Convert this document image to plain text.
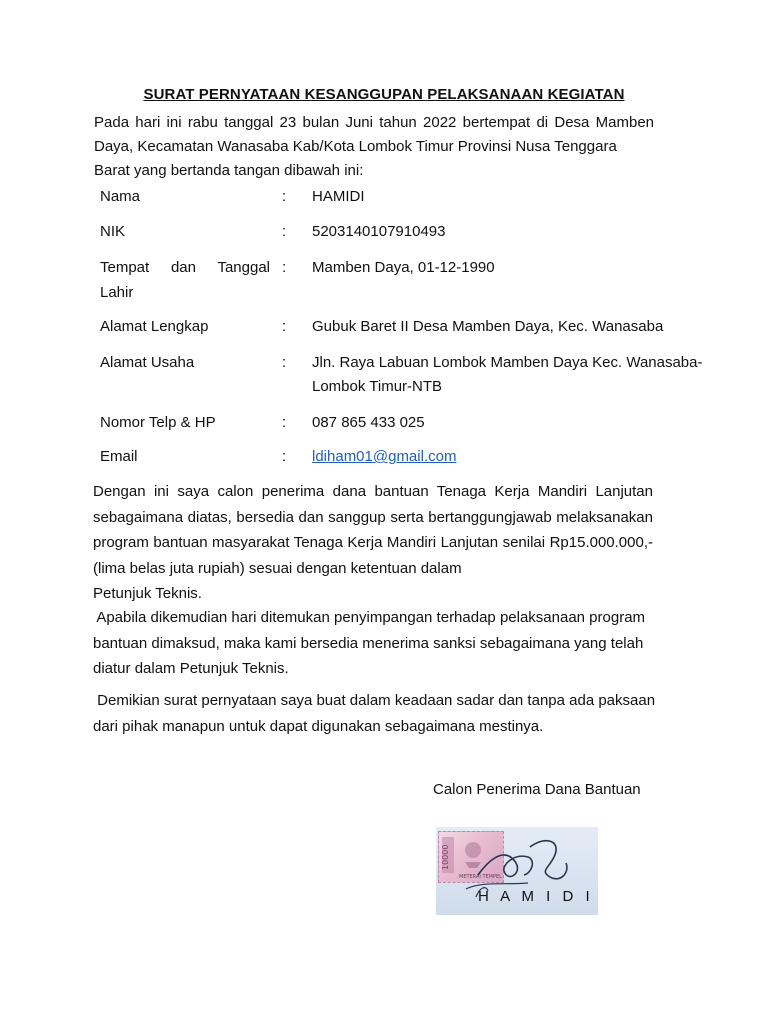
SURAT PERNYATAAN KESANGGUPAN PELAKSANAAN KEGIATAN
Pada hari ini rabu tanggal 23 bulan Juni tahun 2022 bertempat di Desa Mamben Daya, Kecamatan Wanasaba Kab/Kota Lombok Timur Provinsi Nusa Tenggara
Barat yang bertanda tangan dibawah ini:
Nama	: HAMIDI
NIK	: 5203140107910493
Tempat dan Tanggal : Mamben Daya, 01-12-1990
Lahir
Alamat Lengkap	: Gubuk Baret II Desa Mamben Daya, Kec. Wanasaba
Alamat Usaha	: Jln. Raya Labuan Lombok Mamben Daya Kec. Wanasaba-
Lombok Timur-NTB
Nomor Telp & HP	: 087 865 433 025
Email	: ldiham01@gmail.com
Dengan ini saya calon penerima dana bantuan Tenaga Kerja Mandiri Lanjutan sebagaimana diatas, bersedia dan sanggup serta bertanggungjawab melaksanakan program bantuan masyarakat Tenaga Kerja Mandiri Lanjutan senilai Rp15.000.000,- (lima belas juta rupiah) sesuai dengan ketentuan dalam
Petunjuk Teknis.
Apabila dikemudian hari ditemukan penyimpangan terhadap pelaksanaan program
bantuan dimaksud, maka kami bersedia menerima sanksi sebagaimana yang telah
diatur dalam Petunjuk Teknis.
Demikian surat pernyataan saya buat dalam keadaan sadar dan tanpa ada paksaan
dari pihak manapun untuk dapat digunakan sebagaimana mestinya.
Calon Penerima Dana Bantuan
10000
METERAI TEMPEL
H A M I D I
